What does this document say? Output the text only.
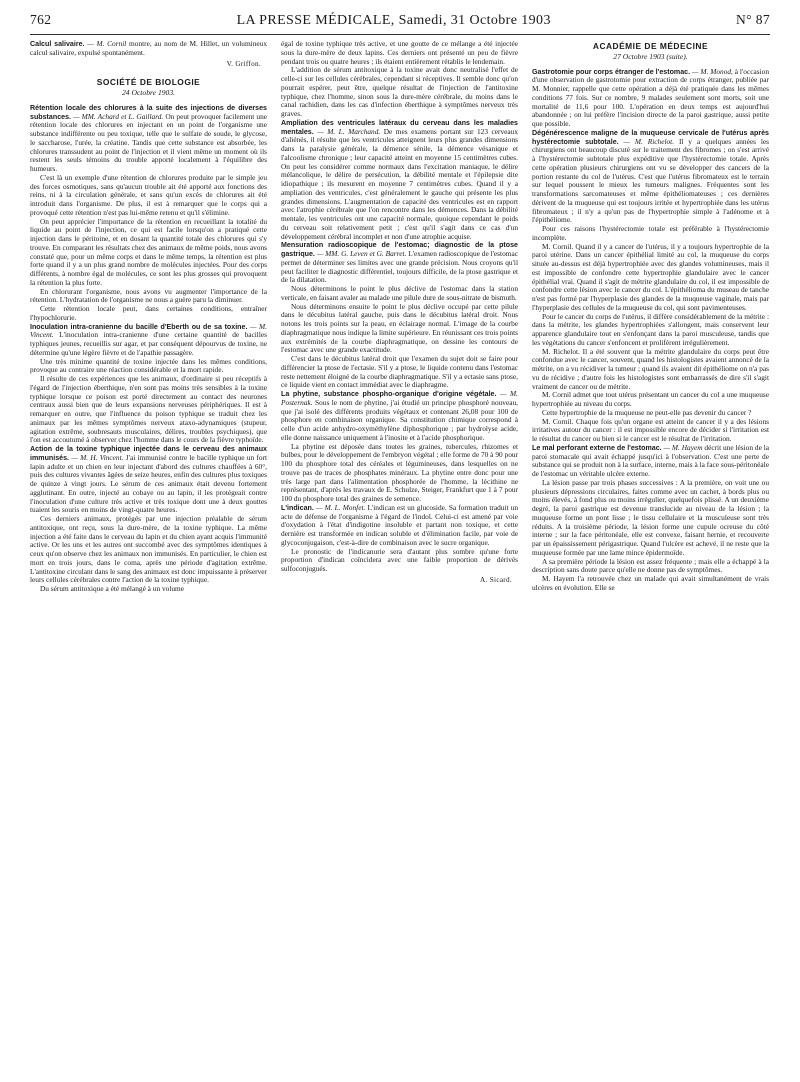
762	LA PRESSE MÉDICALE, Samedi, 31 Octobre 1903	N° 87

Calcul salivaire. — M. Cornil montre, au nom de M. Hillet, un volumineux calcul salivaire, expulsé spontanément.

V. Griffon.
SOCIÉTÉ DE BIOLOGIE
24 Octobre 1903.

Rétention locale des chlorures à la suite des injections de diverses substances. — MM. Achard et L. Gaillard. On peut provoquer facilement une rétention locale des chlorures en injectant en un point de l'organisme une substance indifférente ou peu toxique, telle que le sulfate de soude, le glycose, le saccharose, l'urée, la créatine. Tandis que cette substance est absorbée, les chlorures transsudent au point de l'injection et il vient même un moment où ils restent les seuls témoins du trouble apporté localement à l'équilibre des humeurs.

C'est là un exemple d'une rétention de chlorures produite par le simple jeu des forces osmotiques, sans qu'aucun trouble ait été apporté aux fonctions des reins, ni à la circulation générale, et sans qu'un excès de chlorures ait été introduit dans l'organisme. De plus, il est à remarquer que le corps qui a provoqué cette rétention n'est pas lui-même retenu et qu'il s'élimine.

On peut apprécier l'importance de la rétention en recueillant la totalité du liquide au point de l'injection, ce qui est facile lorsqu'on a pratiqué cette injection dans le péritoine, et en dosant la quantité totale des chlorures qui s'y trouve. En comparant les résultats chez des animaux de même poids, nous avons constaté que, pour un même corps et dans le même temps, la rétention est plus forte quand il y a un plus grand nombre de molécules injectées. Pour des corps différents, à nombre égal de molécules, ce sont les plus grosses qui provoquent la rétention la plus forte.

En chlorurant l'organisme, nous avons vu augmenter l'importance de la rétention. L'hydratation de l'organisme ne nous a guère paru la diminuer.

Cette rétention locale peut, dans certaines conditions, entraîner l'hypochlorurie.

Inoculation intra-cranienne du bacille d'Eberth ou de sa toxine. — M. Vincent. L'inoculation intra-cranienne d'une certaine quantité de bacilles typhiques jeunes, recueillis sur agar, et par conséquent dépourvus de toxine, ne détermine qu'une légère fièvre et de l'apathie passagère.

Une très minime quantité de toxine injectée dans les mêmes conditions, provoque au contraire une réaction considérable et la mort rapide.

Il résulte de ces expériences que les animaux, d'ordinaire si peu réceptifs à l'égard de l'injection éberthique, n'en sont pas moins très sensibles à la toxine typhique lorsque ce poison est porté directement au contact des neurones centraux aussi bien que de leurs expansions nerveuses périphériques. Il est à remarquer en outre, que l'influence du poison typhique se traduit chez les animaux par les mêmes symptômes nerveux ataxo-adynamiques (stupeur, agitation extrême, soubresauts musculaires, délires, troubles psychiques), que l'on est accoutumé à observer chez l'homme dans le cours de la fièvre typhoïde.

Action de la toxine typhique injectée dans le cerveau des animaux immunisés. — M. H. Vincent. J'ai immunisé contre le bacille typhique un fort lapin adulte et un chien en leur injectant d'abord des cultures chauffées à 60°, puis des cultures vivantes âgées de seize heures, enfin des cultures plus toxiques de quinze à vingt jours. Le sérum de ces animaux était devenu fortement agglutinant. En outre, injecté au cobaye ou au lapin, il les protégeait contre l'inoculation d'une culture très active et très toxique dont une à deux gouttes tuaient les souris en moins de vingt-quatre heures.

Ces derniers animaux, protégés par une injection préalable de sérum antitoxique, ont reçu, sous la dure-mère, de la toxine typhique. La même injection a été faite dans le cerveau du lapin et du chien ayant acquis l'immunité active. Or les uns et les autres ont succombé avec des symptômes identiques à ceux qu'on observe chez les animaux non immunisés. En particulier, le chien est mort en trois jours, dans le coma, après une période d'agitation extrême. L'antitoxine circulant dans le sang des animaux est donc impuissante à préserver leurs cellules cérébrales contre l'action de la toxine typhique.

Du sérum antitoxique a été mélangé à un volume

égal de toxine typhique très active, et une goutte de ce mélange a été injectée sous la dure-mère de deux lapins. Ces derniers ont présenté un peu de fièvre pendant trois ou quatre heures ; ils étaient entièrement rétablis le lendemain.

L'addition de sérum antitoxique à la toxine avait donc neutralisé l'effet de celle-ci sur les cellules cérébrales, cependant si réceptives. Il semble donc qu'on pourrait espérer, peut être, quelque résultat de l'injection de l'antitoxine typhique, chez l'homme, sinon sous la dure-mère cérébrale, du moins dans le canal rachidien, dans les cas d'infection éberthique à symptômes nerveux très graves.

Ampliation des ventricules latéraux du cerveau dans les maladies mentales. — M. L. Marchand. De mes examens portant sur 123 cerveaux d'aliénés, il résulte que les ventricules atteignent leurs plus grandes dimensions dans la paralysie générale, la démence sénile, la démence vésanique et l'alcoolisme chronique ; leur capacité atteint en moyenne 15 centimètres cubes. On peut les considérer comme normaux dans l'excitation maniaque, le délire mélancolique, le délire de persécution, la débilité mentale et l'épilepsie dite idiopathique ; ils mesurent en moyenne 7 centimètres cubes. Quand il y a ampliation des ventricules, c'est généralement le gauche qui présente les plus grandes dimensions. L'augmentation de capacité des ventricules est en rapport avec l'atrophie cérébrale que l'on rencontre dans les démences. Dans la débilité mentale, les ventricules ont une capacité normale, quoique cependant le poids du cerveau soit relativement petit ; c'est qu'il s'agit dans ce cas d'un développement cérébral incomplet et non d'une atrophie acquise.

Mensuration radioscopique de l'estomac; diagnostic de la ptose gastrique. — MM. G. Leven et G. Barret. L'examen radioscopique de l'estomac permet de déterminer ses limites avec une grande précision. Nous croyons qu'il peut faciliter le diagnostic différentiel, toujours difficile, de la ptose gastrique et de la dilatation.

Nous déterminons le point le plus déclive de l'estomac dans la station verticale, en faisant avaler au malade une pilule dure de sous-nitrate de bismuth.

Nous déterminons ensuite le point le plus déclive occupé par cette pilule dans le décubitus latéral gauche, puis dans le décubitus latéral droit. Nous notons les trois points sur la peau, en éclairage normal. L'image de la courbe diaphragmatique nous indique la limite supérieure. En réunissant ces trois points aux extrémités de la courbe diaphragmatique, on dessine les contours de l'estomac avec une grande exactitude.

C'est dans le décubitus latéral droit que l'examen du sujet doit se faire pour différencier la ptose de l'ectasie. S'il y a ptose, le liquide contenu dans l'estomac reste nettement éloigné de la courbe diaphragmatique. S'il y a ectasie sans ptose, ce liquide vient en contact immédiat avec le diaphragme.

La phytine, substance phospho-organique d'origine végétale. — M. Posternak. Sous le nom de phytine, j'ai étudié un principe phosphoré nouveau, que j'ai isolé des différents produits végétaux et contenant 26,08 pour 100 de phosphore en combinaison organique. Sa constitution chimique correspond à celle d'un acide anhydro-oxyméthylène diphosphorique ; par hydrolyse acide, elle donne naissance uniquement à l'inosite et à l'acide phosphorique.

La phytine est déposée dans toutes les graines, tubercules, rhizomes et bulbes, pour le développement de l'embryon végétal ; elle forme de 70 à 90 pour 100 du phosphore total des céréales et légumineuses, dans lesquelles on ne trouve pas de traces de phosphates minéraux. La phytine entre donc pour une très large part dans l'alimentation phosphorée de l'homme, la lécithine ne représentant, d'après les travaux de E. Schulze, Steiger, Frankfurt que 1 à 7 pour 100 du phosphore total des graines de semence.

L'indican. — M. L. Monfet. L'indican est un glucoside. Sa formation traduit un acte de défense de l'organisme à l'égard de l'indol. Celui-ci est amené par voie d'oxydation à l'état d'indigotine insoluble et partant non toxique, et cette dernière est transformée en indican soluble et d'élimination facile, par voie de glycoconjugaison, c'est-à-dire de combinaison avec le sucre organique.

Le pronostic de l'indicanurie sera d'autant plus sombre qu'une forte proportion d'indican coïncidera avec une faible proportion de dérivés sulfoconjugués.

A. Sicard.
ACADÉMIE DE MÉDECINE
27 Octobre 1903 (suite).

Gastrotomie pour corps étranger de l'estomac. — M. Monod, à l'occasion d'une observation de gastrotomie pour extraction de corps étranger, publiée par M. Monnier, rappelle que cette opération a déjà été pratiquée dans les mêmes conditions 77 fois. Sur ce nombre, 9 malades seulement sont morts, soit une mortalité de 11,6 pour 100. L'opération en deux temps est aujourd'hui abandonnée ; on lui préfère l'incision directe de la paroi gastrique, aussi petite que possible.

Dégénérescence maligne de la muqueuse cervicale de l'utérus après hystérectomie subtotale. — M. Richelot. Il y a quelques années les chirurgiens ont beaucoup discuté sur le traitement des fibromes ; on s'est arrivé à l'hystérectomie subtotale plus expéditive que l'hystérectomie totale. Après cette opération plusieurs chirurgiens ont vu se développer des cancers de la portion restante du col de l'utérus. C'est que l'utérus fibromateux est le terrain sur lequel poussent le mieux les tumeurs malignes. Fréquentes sont les transformations sarcomateuses et même épithéliomateuses ; ces dernières dérivent de la muqueuse qui est toujours irritée et hypertrophiée dans les utérus fibromateux ; il n'y a qu'un pas de l'hypertrophie simple à l'adénome et à l'épithéliome.

Pour ces raisons l'hystérectomie totale est préférable à l'hystérectomie incomplète.

M. Cornil. Quand il y a cancer de l'utérus, il y a toujours hypertrophie de la paroi utérine. Dans un cancer épithélial limité au col, la muqueuse du corps située au-dessus est déjà hypertrophiée avec des glandes volumineuses, mais il est impossible de confondre cette hypertrophie glandulaire avec le cancer épithélial vrai. Quand il s'agit de métrite glandulaire du col, il est impossible de confondre cette lésion avec le cancer du col. L'épithélioma du museau de tanche n'est pas formé par l'hyperplasie des glandes de la muqueuse vaginale, mais par l'hyperplasie des cellules de la muqueuse du col, qui sont pavimenteuses.

Pour le cancer du corps de l'utérus, il diffère considérablement de la métrite : dans la métrite, les glandes hypertrophiées s'allongent, mais conservent leur apparence glandulaire tout en s'enfonçant dans la paroi musculeuse, tandis que les végétations du cancer s'enfoncent et prolifèrent irrégulièrement.

M. Richelot. Il a été souvent que la métrite glandulaire du corps peut être confondue avec le cancer, souvent, quand les histologistes avaient annoncé de la métrite, on a vu récidiver la tumeur ; quand ils avaient dit épithéliome on n'a pas vu de récidive ; d'autre fois les histologistes sont embarrassés de dire s'il s'agit vraiment de cancer ou de métrite.

M. Cornil admet que tout utérus présentant un cancer du col a une muqueuse hypertrophiée au niveau du corps.

Cette hypertrophie de la muqueuse ne peut-elle pas devenir du cancer ?

M. Cornil. Chaque fois qu'un organe est atteint de cancer il y a des lésions irritatives autour du cancer : il est impossible encore de décider si l'irritation est le résultat du cancer ou bien si le cancer est le résultat de l'irritation.

Le mal perforant externe de l'estomac. — M. Hayem décrit une lésion de la paroi stomacale qui avait échappé jusqu'ici à l'observation. C'est une perte de substance qui se produit non à la surface, interne, mais à la face sous-péritonéale de l'estomac un véritable ulcère externe.

La lésion passe par trois phases successives : A la première, on voit une ou plusieurs dépressions circulaires, faites comme avec un cachet, à bords plus ou moins élevés, à fond plus ou moins irrégulier, quelquefois plissé. A un deuxième degré, la paroi gastrique est devenue translucide au niveau de la lésion ; la muqueuse forme un pont lisse ; le tissu cellulaire et la musculeuse sont très réduits. A la troisième période, la lésion forme une cupule ocreuse du côté interne ; sur la face péritonéale, elle est convexe, faisant hernie, et recouverte par un épaississement périgastrique. Quand l'ulcère est achevé, il ne reste que la muqueuse formée par une lame mince épidermoïde.

A sa première période la lésion est assez fréquente ; mais elle a échappé à la description sans doute parce qu'elle ne donne pas de symptômes.

M. Hayem l'a retrouvée chez un malade qui avait simultanément de vrais ulcères en évolution. Elle se
